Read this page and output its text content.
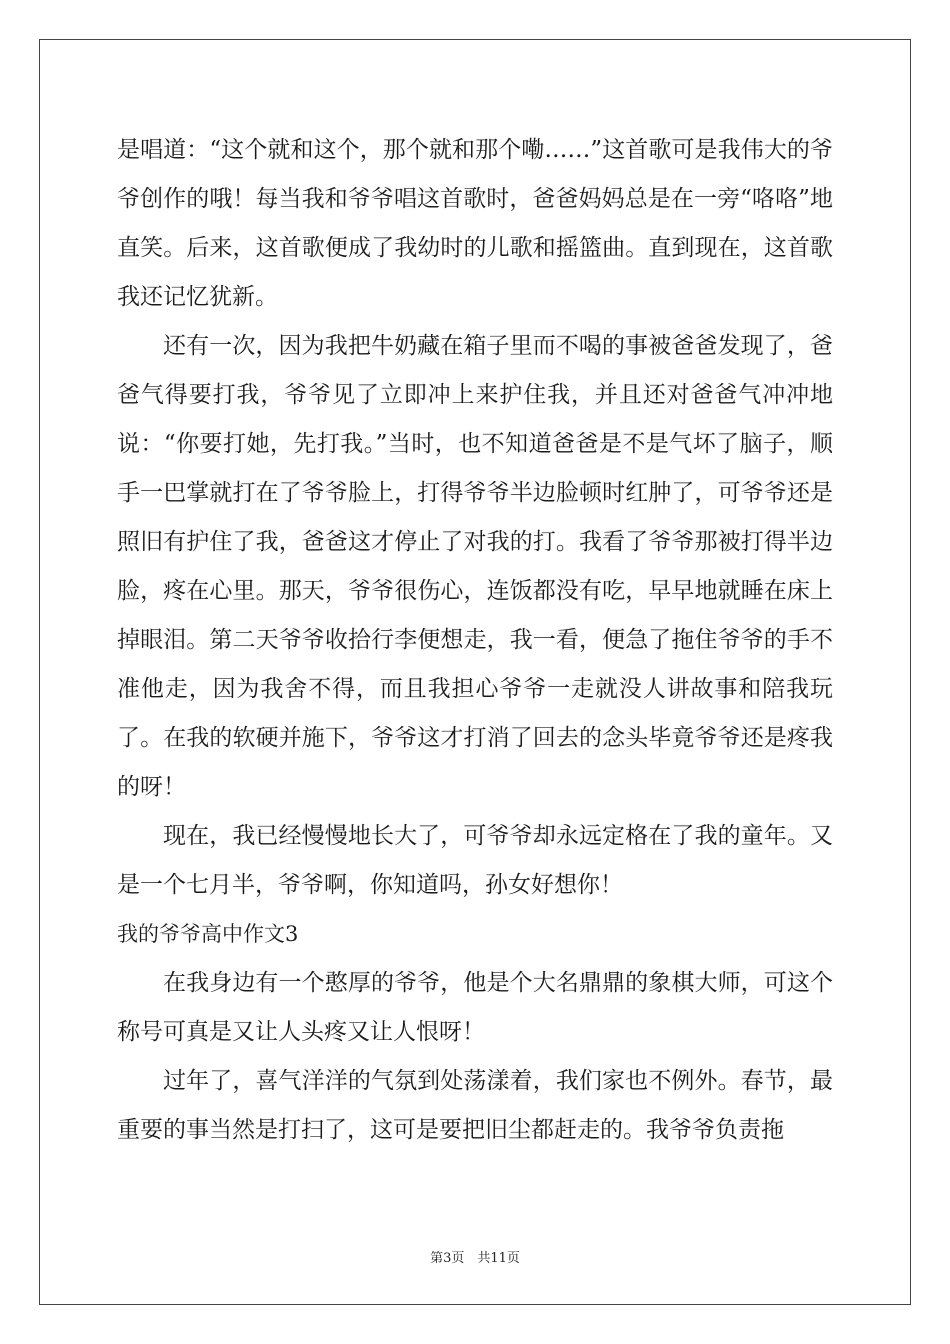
是唱道：“这个就和这个，那个就和那个嘞……”这首歌可是我伟大的爷爷创作的哦！每当我和爷爷唱这首歌时，爸爸妈妈总是在一旁“咯咯”地直笑。后来，这首歌便成了我幼时的儿歌和摇篮曲。直到现在，这首歌我还记忆犹新。

还有一次，因为我把牛奶藏在箱子里而不喝的事被爸爸发现了，爸爸气得要打我，爷爷见了立即冲上来护住我，并且还对爸爸气冲冲地说：“你要打她，先打我。”当时，也不知道爸爸是不是气坏了脑子，顺手一巴掌就打在了爷爷脸上，打得爷爷半边脸顿时红肿了，可爷爷还是照旧有护住了我，爸爸这才停止了对我的打。我看了爷爷那被打得半边脸，疼在心里。那天，爷爷很伤心，连饭都没有吃，早早地就睡在床上掉眼泪。第二天爷爷收拾行李便想走，我一看，便急了拖住爷爷的手不准他走，因为我舍不得，而且我担心爷爷一走就没人讲故事和陪我玩了。在我的软硬并施下，爷爷这才打消了回去的念头毕竟爷爷还是疼我的呀！

现在，我已经慢慢地长大了，可爷爷却永远定格在了我的童年。又是一个七月半，爷爷啊，你知道吗，孙女好想你！

我的爷爷高中作文3

在我身边有一个憨厚的爷爷，他是个大名鼎鼎的象棋大师，可这个称号可真是又让人头疼又让人恨呀！

过年了，喜气洋洋的气氛到处荡漾着，我们家也不例外。春节，最重要的事当然是打扫了，这可是要把旧尘都赶走的。我爷爷负责拖

第3页　共11页
